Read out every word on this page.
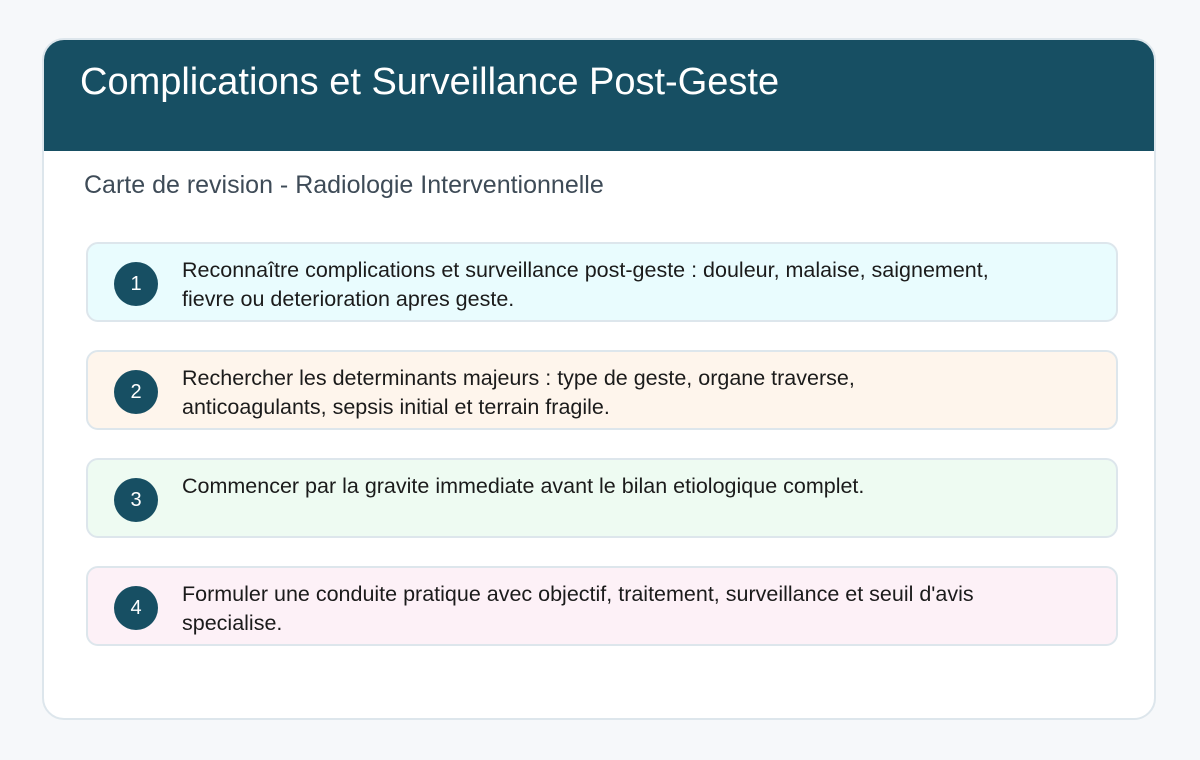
Complications et Surveillance Post-Geste
Carte de revision - Radiologie Interventionnelle
1
Reconnaître complications et surveillance post-geste : douleur, malaise, saignement, fievre ou deterioration apres geste.
2
Rechercher les determinants majeurs : type de geste, organe traverse, anticoagulants, sepsis initial et terrain fragile.
3
Commencer par la gravite immediate avant le bilan etiologique complet.
4
Formuler une conduite pratique avec objectif, traitement, surveillance et seuil d'avis specialise.
